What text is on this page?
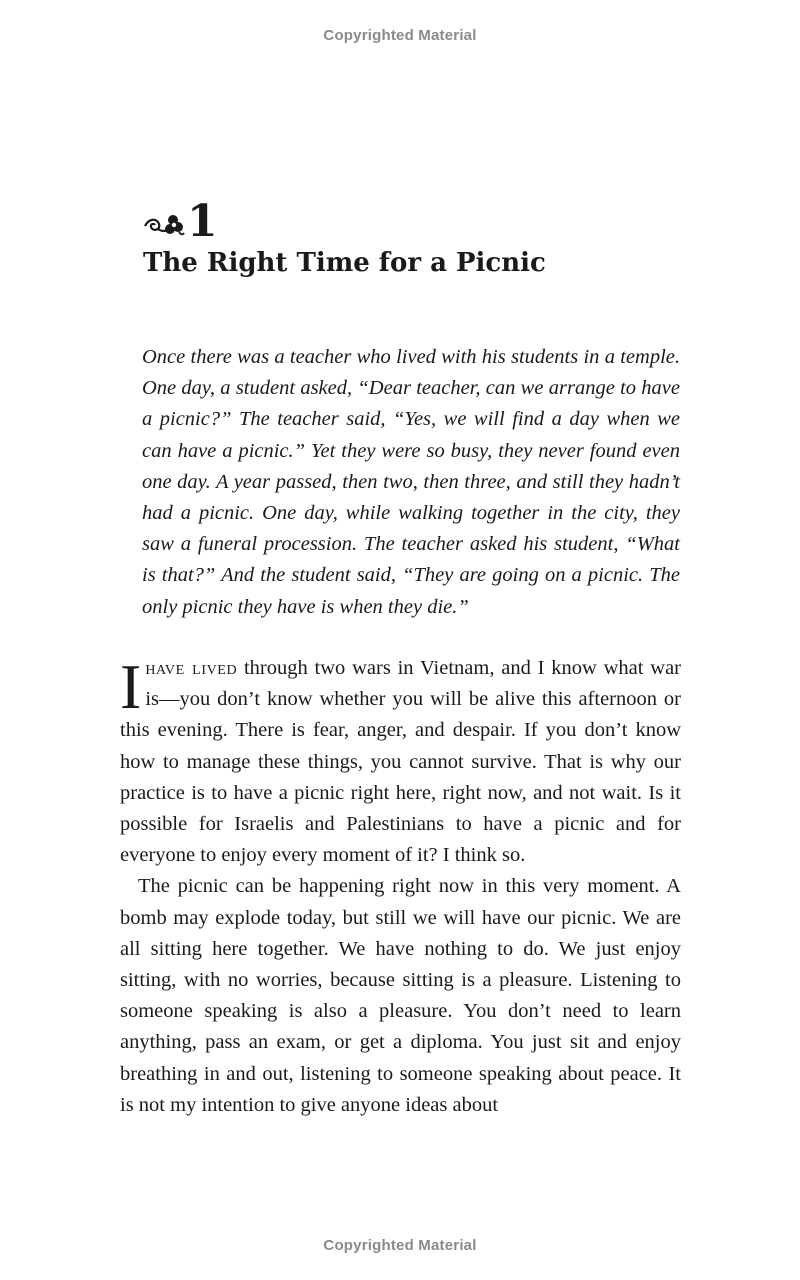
Copyrighted Material
1
The Right Time for a Picnic

Once there was a teacher who lived with his students in a temple. One day, a student asked, “Dear teacher, can we arrange to have a picnic?” The teacher said, “Yes, we will find a day when we can have a picnic.” Yet they were so busy, they never found even one day. A year passed, then two, then three, and still they hadn’t had a picnic. One day, while walking together in the city, they saw a funeral procession. The teacher asked his student, “What is that?” And the student said, “They are going on a picnic. The only picnic they have is when they die.”

Ihave lived through two wars in Vietnam, and I know what war is—you don’t know whether you will be alive this afternoon or this evening. There is fear, anger, and despair. If you don’t know how to manage these things, you cannot survive. That is why our practice is to have a picnic right here, right now, and not wait. Is it possible for Israelis and Palestinians to have a picnic and for everyone to enjoy every moment of it? I think so.

The picnic can be happening right now in this very moment. A bomb may explode today, but still we will have our picnic. We are all sitting here together. We have nothing to do. We just enjoy sitting, with no worries, because sitting is a pleasure. Listening to someone speaking is also a pleasure. You don’t need to learn anything, pass an exam, or get a diploma. You just sit and enjoy breathing in and out, listening to someone speaking about peace. It is not my intention to give anyone ideas about

Copyrighted Material
